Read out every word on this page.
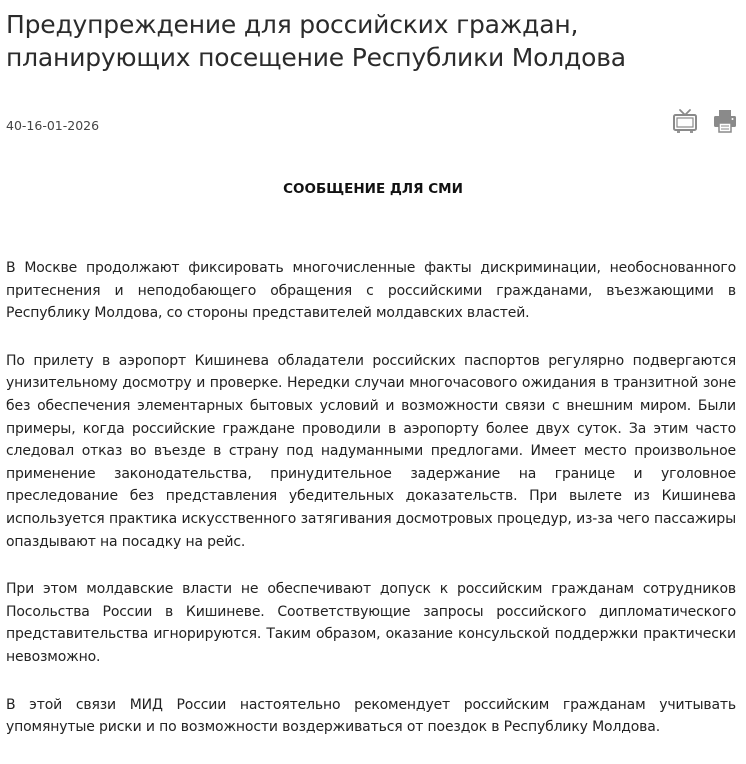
Предупреждение для российских граждан, планирующих посещение Республики Молдова
40-16-01-2026
СООБЩЕНИЕ ДЛЯ СМИ

В Москве продолжают фиксировать многочисленные факты дискриминации, необоснованного притеснения и неподобающего обращения с российскими гражданами, въезжающими в Республику Молдова, со стороны представителей молдавских властей.

По прилету в аэропорт Кишинева обладатели российских паспортов регулярно подвергаются унизительному досмотру и проверке. Нередки случаи многочасового ожидания в транзитной зоне без обеспечения элементарных бытовых условий и возможности связи с внешним миром. Были примеры, когда российские граждане проводили в аэропорту более двух суток. За этим часто следовал отказ во въезде в страну под надуманными предлогами. Имеет место произвольное применение законодательства, принудительное задержание на границе и уголовное преследование без представления убедительных доказательств. При вылете из Кишинева используется практика искусственного затягивания досмотровых процедур, из-за чего пассажиры опаздывают на посадку на рейс.

При этом молдавские власти не обеспечивают допуск к российским гражданам сотрудников Посольства России в Кишиневе. Соответствующие запросы российского дипломатического представительства игнорируются. Таким образом, оказание консульской поддержки практически невозможно.

В этой связи МИД России настоятельно рекомендует российским гражданам учитывать упомянутые риски и по возможности воздерживаться от поездок в Республику Молдова.
